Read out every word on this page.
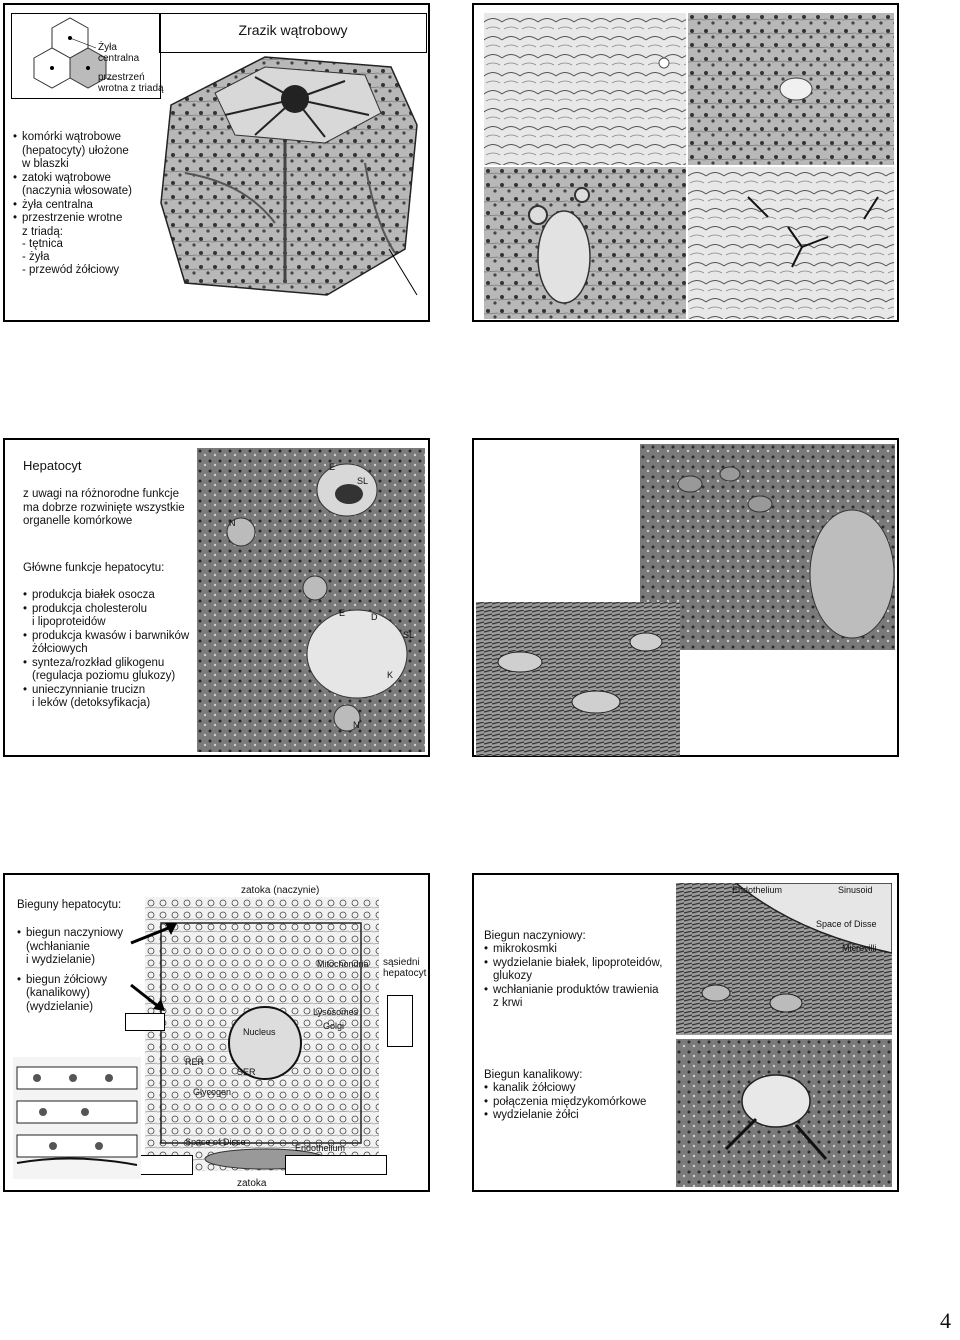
Żyła
centralna
przestrzeń
wrotna z triadą
Zrazik wątrobowy
• komórki wątrobowe
(hepatocyty) ułożone
w blaszki
• zatoki wątrobowe
(naczynia włosowate)
• żyła centralna
• przestrzenie wrotne
z triadą:
- tętnica
- żyła
- przewód żółciowy
Hepatocyt
z uwagi na różnorodne funkcje
ma dobrze rozwinięte wszystkie
organelle komórkowe
Główne funkcje hepatocytu:
• produkcja białek osocza
• produkcja cholesterolu
i lipoproteidów
• produkcja kwasów i barwników
żółciowych
• synteza/rozkład glikogenu
(regulacja poziomu glukozy)
• unieczynnianie trucizn
i leków (detoksyfikacja)
E
SL
N
E	D
SL
K
N
Bieguny hepatocytu:
• biegun naczyniowy
(wchłanianie
i wydzielanie)
• biegun żółciowy
(kanalikowy)
(wydzielanie)
zatoka (naczynie)
sąsiedni
hepatocyt
zatoka
Mitochondria
Nucleus
Lysosomes
Golgi
SER
RER
Space of Disse
Glycogen
Endothelium
Biegun naczyniowy:
• mikrokosmki
• wydzielanie białek, lipoproteidów,
glukozy
• wchłanianie produktów trawienia
z krwi
Biegun kanalikowy:
• kanalik żółciowy
• połączenia międzykomórkowe
• wydzielanie żółci
Endothelium	Sinusoid
Space of Disse
Microvilli
4
